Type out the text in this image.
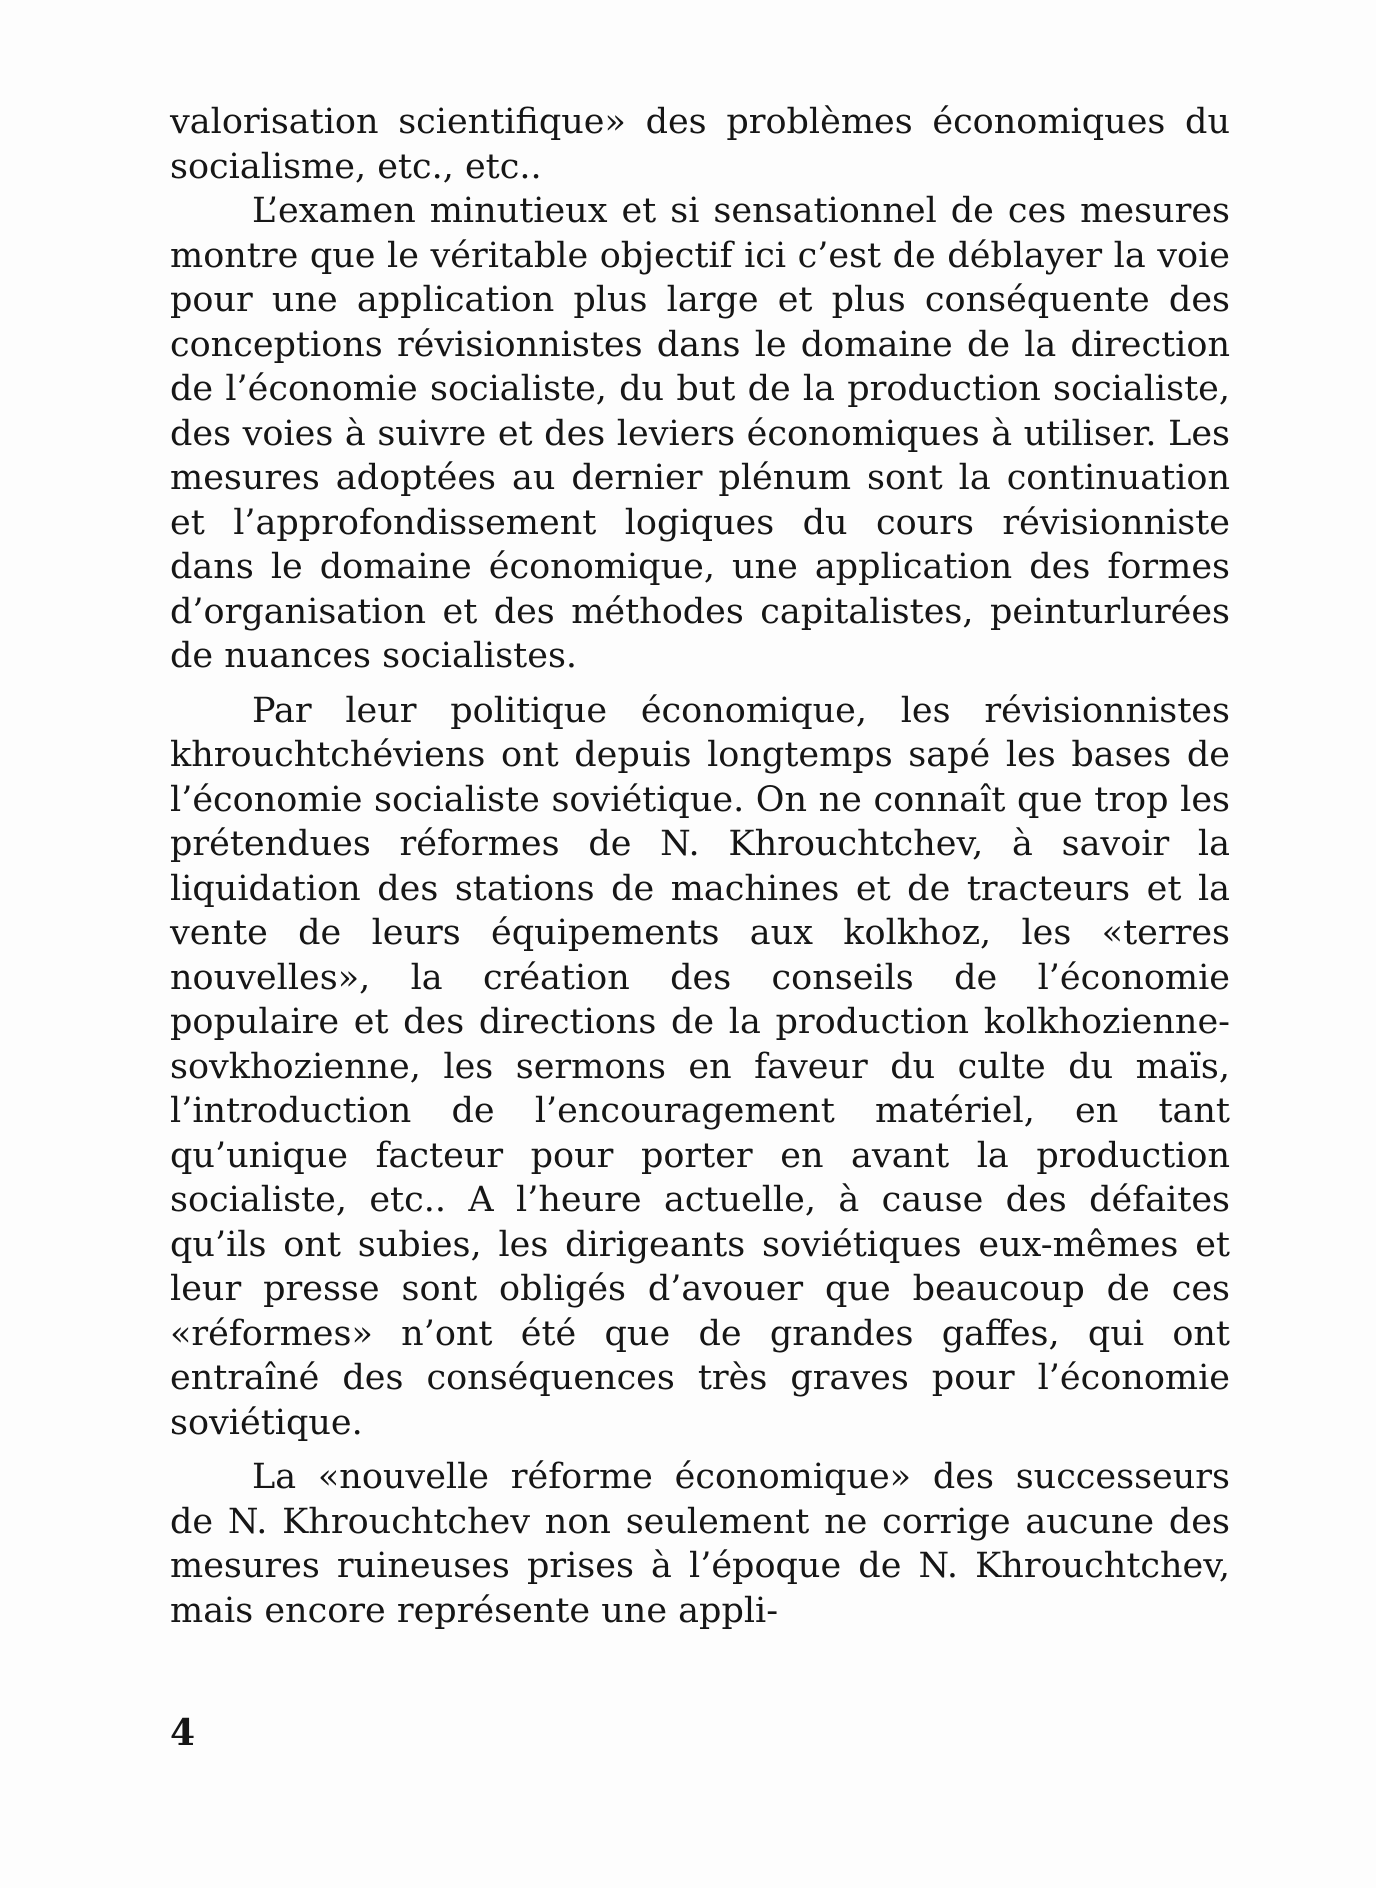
valorisation scientifique» des problèmes économiques du socialisme, etc., etc..

L’examen minutieux et si sensationnel de ces mesures montre que le véritable objectif ici c’est de déblayer la voie pour une application plus large et plus conséquente des conceptions révisionnistes dans le domaine de la direction de l’économie socialiste, du but de la production socialiste, des voies à suivre et des leviers économiques à utiliser. Les mesures adoptées au dernier plénum sont la continuation et l’approfondissement logiques du cours révisionniste dans le domaine économique, une application des formes d’organisation et des méthodes capitalistes, peinturlurées de nuances socialistes.

Par leur politique économique, les révisionnistes khrouchtchéviens ont depuis longtemps sapé les bases de l’économie socialiste soviétique. On ne connaît que trop les prétendues réformes de N. Khrouchtchev, à savoir la liquidation des stations de machines et de tracteurs et la vente de leurs équipements aux kolkhoz, les «terres nouvelles», la création des conseils de l’économie populaire et des directions de la production kolkhozienne-sovkhozienne, les sermons en faveur du culte du maïs, l’introduction de l’encouragement matériel, en tant qu’unique facteur pour porter en avant la production socialiste, etc.. A l’heure actuelle, à cause des défaites qu’ils ont subies, les dirigeants soviétiques eux-mêmes et leur presse sont obligés d’avouer que beaucoup de ces «réformes» n’ont été que de grandes gaffes, qui ont entraîné des conséquences très graves pour l’économie soviétique.

La «nouvelle réforme économique» des successeurs de N. Khrouchtchev non seulement ne corrige aucune des mesures ruineuses prises à l’époque de N. Khrouchtchev, mais encore représente une appli-

4
